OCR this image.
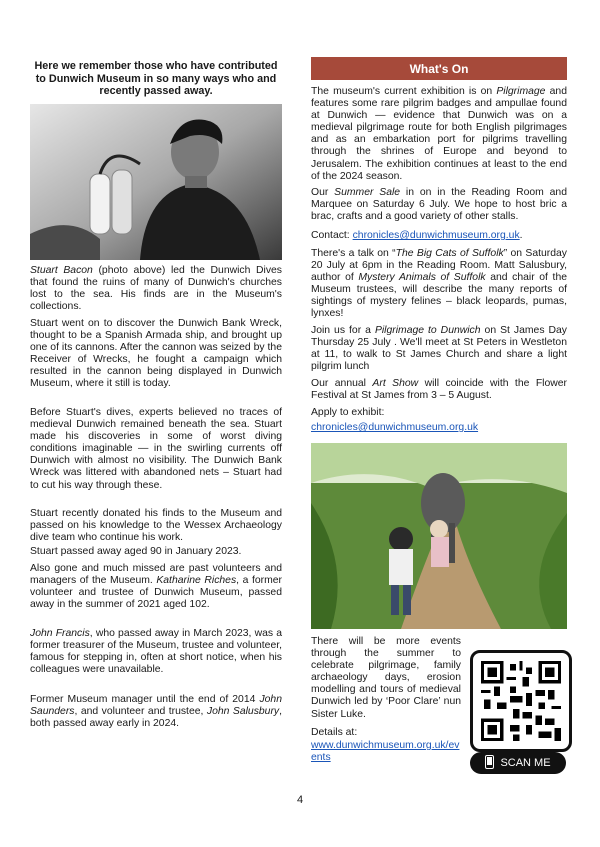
Here we remember those who have contributed to Dunwich Museum in so many ways who and recently passed away.

Stuart Bacon (photo above) led the Dunwich Dives that found the ruins of many of Dunwich's churches lost to the sea. His finds are in the Museum's collections.

Stuart went on to discover the Dunwich Bank Wreck, thought to be a Spanish Armada ship, and brought up one of its cannons. After the cannon was seized by the Receiver of Wrecks, he fought a campaign which resulted in the cannon being displayed in Dunwich Museum, where it still is today.

Before Stuart's dives, experts believed no traces of medieval Dunwich remained beneath the sea. Stuart made his discoveries in some of worst diving conditions imaginable — in the swirling currents off Dunwich with almost no visibility. The Dunwich Bank Wreck was littered with abandoned nets – Stuart had to cut his way through these.

Stuart recently donated his finds to the Museum and passed on his knowledge to the Wessex Archaeology dive team who continue his work.

Stuart passed away aged 90 in January 2023.

Also gone and much missed are past volunteers and managers of the Museum. Katharine Riches, a former volunteer and trustee of Dunwich Museum, passed away in the summer of 2021 aged 102.

John Francis, who passed away in March 2023, was a former treasurer of the Museum, trustee and volunteer, famous for stepping in, often at short notice, when his colleagues were unavailable.

Former Museum manager until the end of 2014 John Saunders, and volunteer and trustee, John Salusbury, both passed away early in 2024.

What's On

The museum's current exhibition is on Pilgrimage and features some rare pilgrim badges and ampullae found at Dunwich — evidence that Dunwich was on a medieval pilgrimage route for both English pilgrimages and as an embarkation port for pilgrims travelling through the shrines of Europe and beyond to Jerusalem. The exhibition continues at least to the end of the 2024 season.

Our Summer Sale in on in the Reading Room and Marquee on Saturday 6 July. We hope to host bric a brac, crafts and a good variety of other stalls.

Contact: chronicles@dunwichmuseum.org.uk.

There's a talk on “The Big Cats of Suffolk” on Saturday 20 July at 6pm in the Reading Room. Matt Salusbury, author of Mystery Animals of Suffolk and chair of the Museum trustees, will describe the many reports of sightings of mystery felines – black leopards, pumas, lynxes!

Join us for a Pilgrimage to Dunwich on St James Day Thursday 25 July . We'll meet at St Peters in Westleton at 11, to walk to St James Church and share a light pilgrim lunch

Our annual Art Show will coincide with the Flower Festival at St James from 3 – 5 August.

Apply to exhibit:

chronicles@dunwichmuseum.org.uk

There will be more events through the summer to celebrate pilgrimage, family archaeology days, erosion modelling and tours of medieval Dunwich led by ‘Poor Clare’ nun Sister Luke.

Details at:

www.dunwichmuseum.org.uk/events	SCAN ME
4
